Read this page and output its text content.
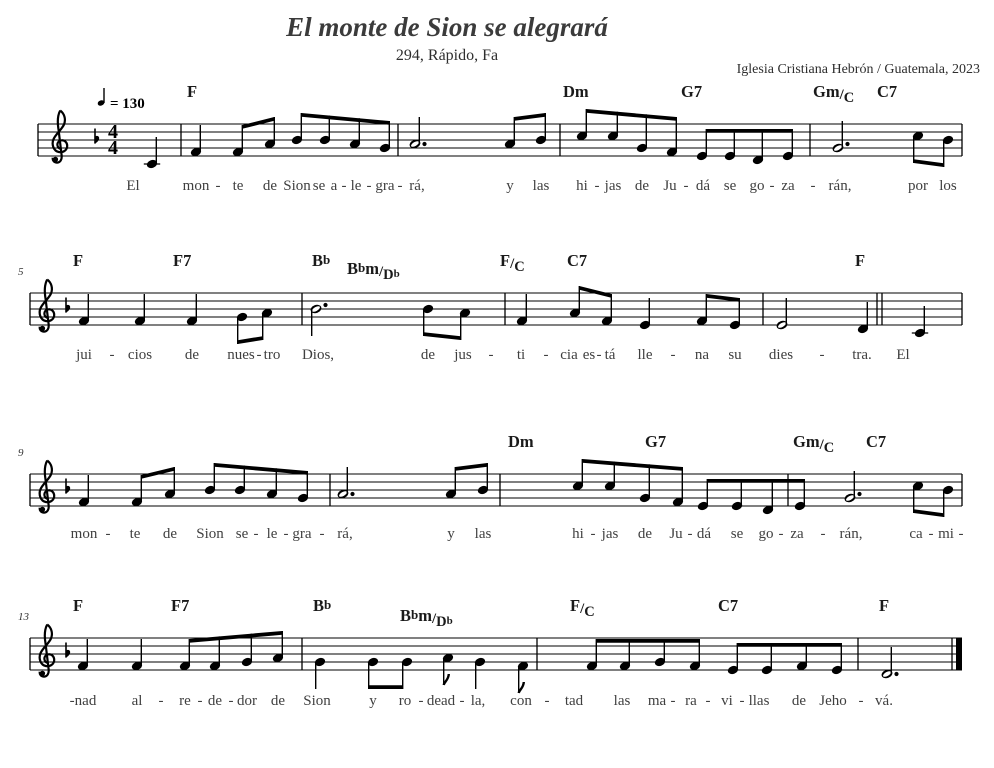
El monte de Sion se alegrará
294, Rápido, Fa
Iglesia Cristiana Hebrón / Guatemala, 2023
4
4
= 130
F	Dm	G7	Gm/C C7
El	mon - te de Sion se a - le - gra - rá,	y las hi - jas de Ju - dá se go - za - rán,	por los
5
F	F7	Bb Bbm/Db
F/C	C7	F
jui - cios de nues - tro Dios,	de jus - ti - cia es - tá lle - na su dies - tra. El
9
Dm	G7	Gm/C C7
mon - te de Sion se - le - gra - rá,	y las	hi - jas de Ju - dá se go - za - rán,	ca - mi -
13
F	F7	Bb
Bbm/Db
F/C	C7	F
-nad al - re - de - dor de Sion	y ro - dead - la, con - tad las ma - ra - vi - llas de Jeho - vá.
